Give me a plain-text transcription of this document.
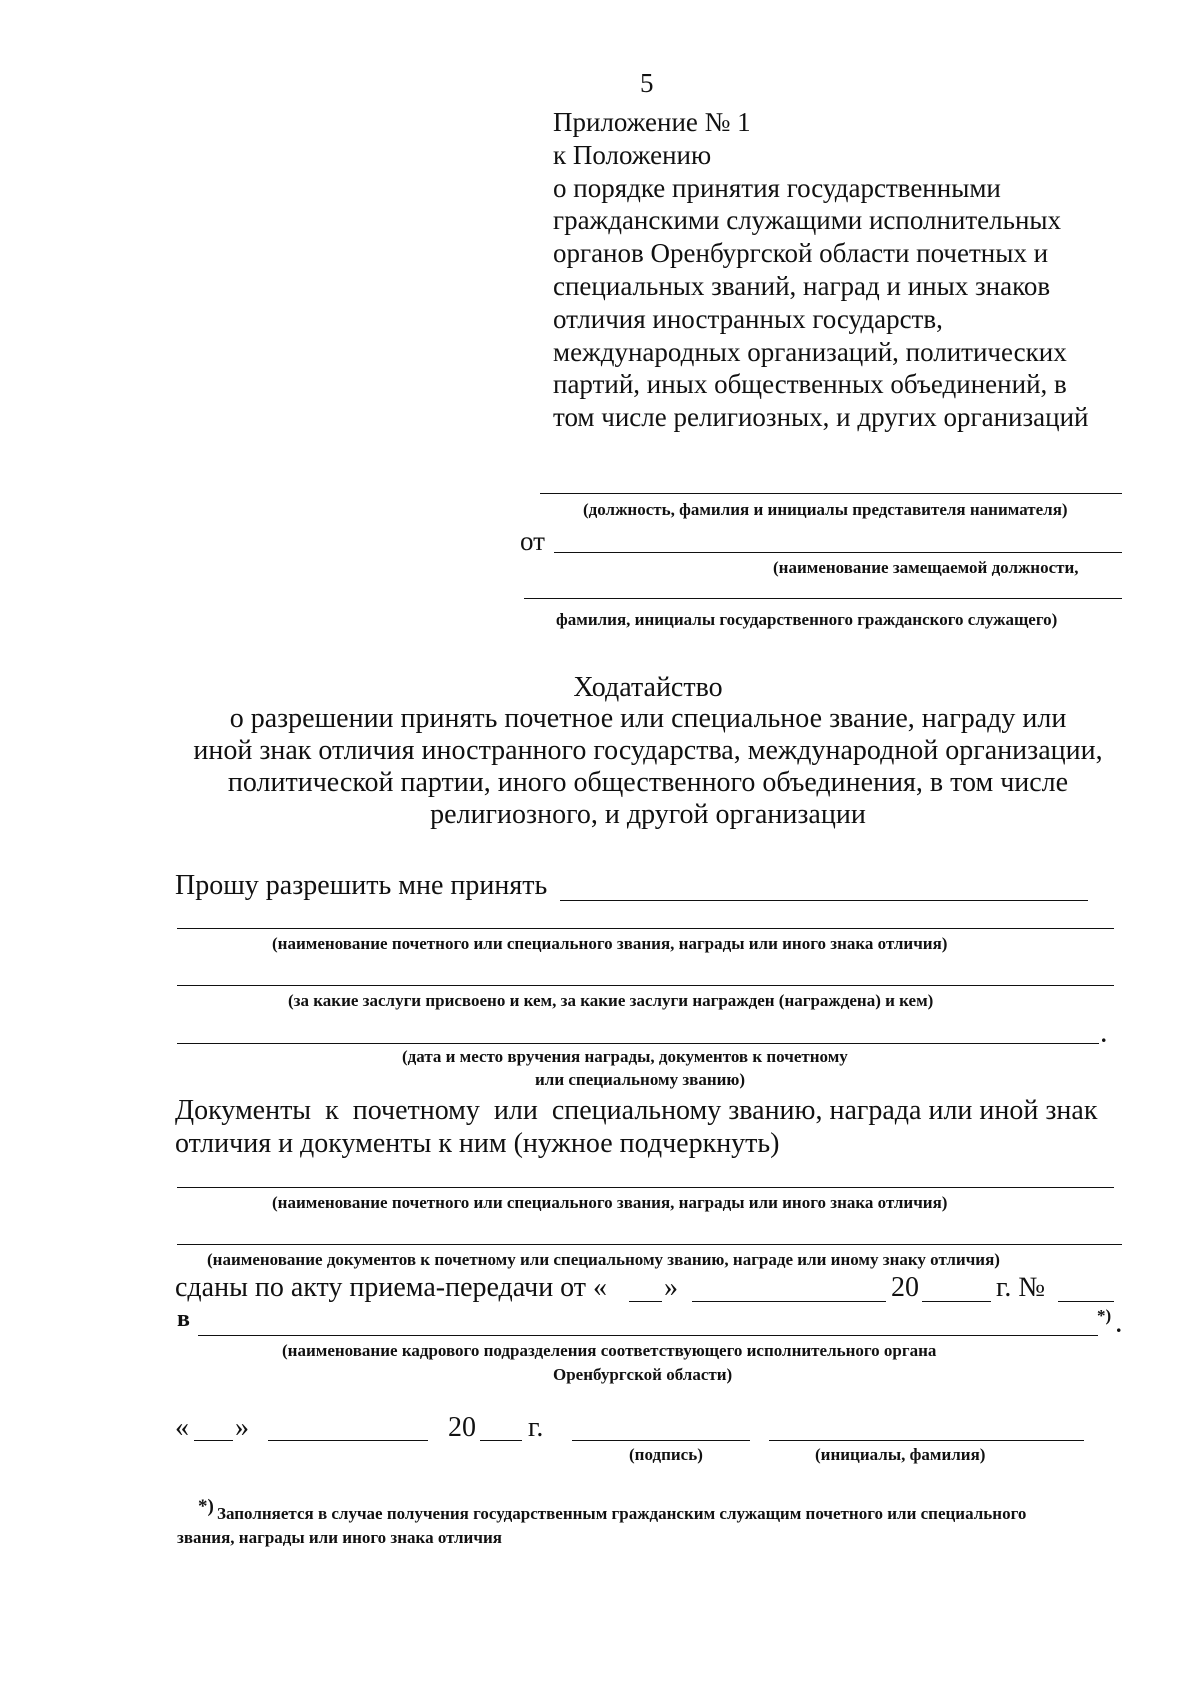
5
Приложение № 1
к Положению
о порядке принятия государственными
гражданскими служащими исполнительных
органов Оренбургской области почетных и
специальных званий, наград и иных знаков
отличия иностранных государств,
международных организаций, политических
партий, иных общественных объединений, в
том числе религиозных, и других организаций
(должность, фамилия и инициалы представителя нанимателя)
от
(наименование замещаемой должности,
фамилия, инициалы государственного гражданского служащего)
Ходатайство
о разрешении принять почетное или специальное звание, награду или
иной знак отличия иностранного государства, международной организации,
политической партии, иного общественного объединения, в том числе
религиозного, и другой организации
Прошу разрешить мне принять
(наименование почетного или специального звания, награды или иного знака отличия)
(за какие заслуги присвоено и кем, за какие заслуги награжден (награждена) и кем)
.
(дата и место вручения награды, документов к почетному
или специальному званию)
Документы  к  почетному  или  специальному званию, награда или иной знак
отличия и документы к ним (нужное подчеркнуть)
(наименование почетного или специального звания, награды или иного знака отличия)
(наименование документов к почетному или специальному званию, награде или иному знаку отличия)
сданы по акту приема-передачи от « »	20	г. №
в	*) .
(наименование кадрового подразделения соответствующего исполнительного органа
Оренбургской области)
« »	20 г.
(подпись)	(инициалы, фамилия)
*) Заполняется в случае получения государственным гражданским служащим почетного или специального
звания, награды или иного знака отличия
